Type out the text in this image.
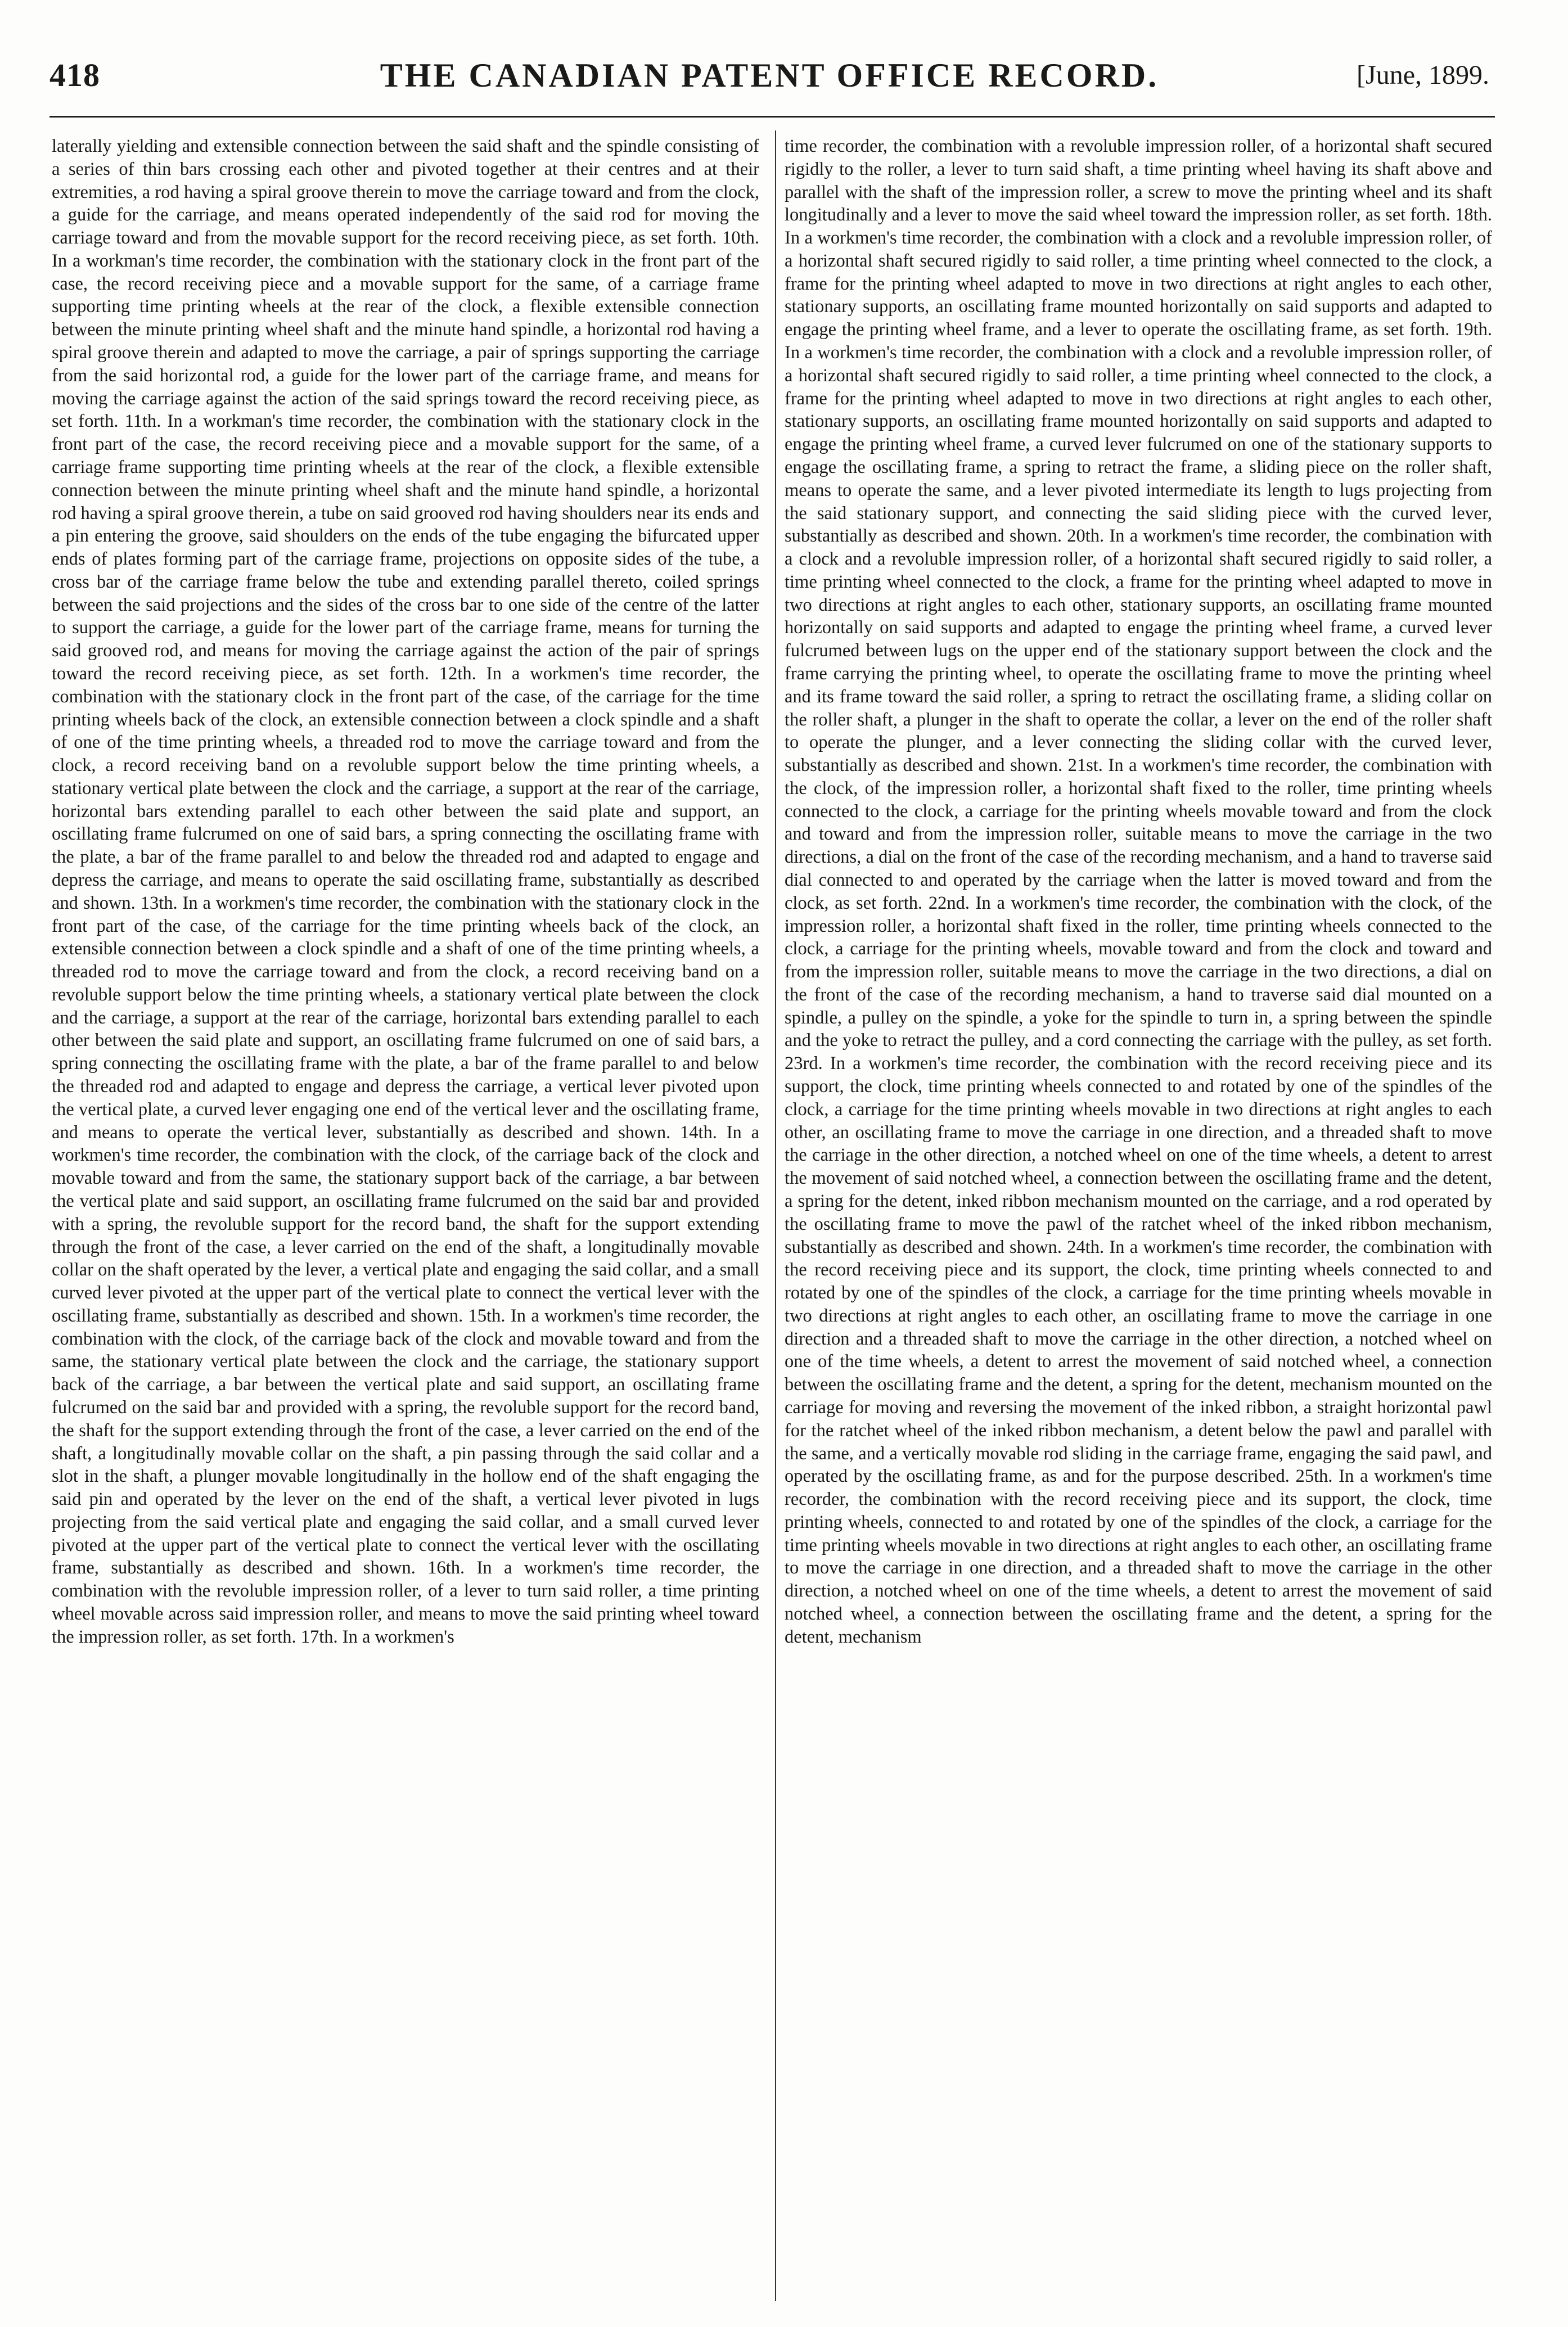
418	THE CANADIAN PATENT OFFICE RECORD.	[June, 1899.
laterally yielding and extensible connection between the said shaft and the spindle consisting of a series of thin bars crossing each other and pivoted together at their centres and at their extremities, a rod having a spiral groove therein to move the carriage toward and from the clock, a guide for the carriage, and means operated independently of the said rod for moving the carriage toward and from the movable support for the record receiving piece, as set forth. 10th. In a workman's time recorder, the combination with the stationary clock in the front part of the case, the record receiving piece and a movable support for the same, of a carriage frame supporting time printing wheels at the rear of the clock, a flexible extensible connection between the minute printing wheel shaft and the minute hand spindle, a horizontal rod having a spiral groove therein and adapted to move the carriage, a pair of springs supporting the carriage from the said horizontal rod, a guide for the lower part of the carriage frame, and means for moving the carriage against the action of the said springs toward the record receiving piece, as set forth. 11th. In a workman's time recorder, the combination with the stationary clock in the front part of the case, the record receiving piece and a movable support for the same, of a carriage frame supporting time printing wheels at the rear of the clock, a flexible extensible connection between the minute printing wheel shaft and the minute hand spindle, a horizontal rod having a spiral groove therein, a tube on said grooved rod having shoulders near its ends and a pin entering the groove, said shoulders on the ends of the tube engaging the bifurcated upper ends of plates forming part of the carriage frame, projections on opposite sides of the tube, a cross bar of the carriage frame below the tube and extending parallel thereto, coiled springs between the said projections and the sides of the cross bar to one side of the centre of the latter to support the carriage, a guide for the lower part of the carriage frame, means for turning the said grooved rod, and means for moving the carriage against the action of the pair of springs toward the record receiving piece, as set forth. 12th. In a workmen's time recorder, the combination with the stationary clock in the front part of the case, of the carriage for the time printing wheels back of the clock, an extensible connection between a clock spindle and a shaft of one of the time printing wheels, a threaded rod to move the carriage toward and from the clock, a record receiving band on a revoluble support below the time printing wheels, a stationary vertical plate between the clock and the carriage, a support at the rear of the carriage, horizontal bars extending parallel to each other between the said plate and support, an oscillating frame fulcrumed on one of said bars, a spring connecting the oscillating frame with the plate, a bar of the frame parallel to and below the threaded rod and adapted to engage and depress the carriage, and means to operate the said oscillating frame, substantially as described and shown. 13th. In a workmen's time recorder, the combination with the stationary clock in the front part of the case, of the carriage for the time printing wheels back of the clock, an extensible connection between a clock spindle and a shaft of one of the time printing wheels, a threaded rod to move the carriage toward and from the clock, a record receiving band on a revoluble support below the time printing wheels, a stationary vertical plate between the clock and the carriage, a support at the rear of the carriage, horizontal bars extending parallel to each other between the said plate and support, an oscillating frame fulcrumed on one of said bars, a spring connecting the oscillating frame with the plate, a bar of the frame parallel to and below the threaded rod and adapted to engage and depress the carriage, a vertical lever pivoted upon the vertical plate, a curved lever engaging one end of the vertical lever and the oscillating frame, and means to operate the vertical lever, substantially as described and shown. 14th. In a workmen's time recorder, the combination with the clock, of the carriage back of the clock and movable toward and from the same, the stationary support back of the carriage, a bar between the vertical plate and said support, an oscillating frame fulcrumed on the said bar and provided with a spring, the revoluble support for the record band, the shaft for the support extending through the front of the case, a lever carried on the end of the shaft, a longitudinally movable collar on the shaft operated by the lever, a vertical plate and engaging the said collar, and a small curved lever pivoted at the upper part of the vertical plate to connect the vertical lever with the oscillating frame, substantially as described and shown. 15th. In a workmen's time recorder, the combination with the clock, of the carriage back of the clock and movable toward and from the same, the stationary vertical plate between the clock and the carriage, the stationary support back of the carriage, a bar between the vertical plate and said support, an oscillating frame fulcrumed on the said bar and provided with a spring, the revoluble support for the record band, the shaft for the support extending through the front of the case, a lever carried on the end of the shaft, a longitudinally movable collar on the shaft, a pin passing through the said collar and a slot in the shaft, a plunger movable longitudinally in the hollow end of the shaft engaging the said pin and operated by the lever on the end of the shaft, a vertical lever pivoted in lugs projecting from the said vertical plate and engaging the said collar, and a small curved lever pivoted at the upper part of the vertical plate to connect the vertical lever with the oscillating frame, substantially as described and shown. 16th. In a workmen's time recorder, the combination with the revoluble impression roller, of a lever to turn said roller, a time printing wheel movable across said impression roller, and means to move the said printing wheel toward the impression roller, as set forth. 17th. In a workmen's
time recorder, the combination with a revoluble impression roller, of a horizontal shaft secured rigidly to the roller, a lever to turn said shaft, a time printing wheel having its shaft above and parallel with the shaft of the impression roller, a screw to move the printing wheel and its shaft longitudinally and a lever to move the said wheel toward the impression roller, as set forth. 18th. In a workmen's time recorder, the combination with a clock and a revoluble impression roller, of a horizontal shaft secured rigidly to said roller, a time printing wheel connected to the clock, a frame for the printing wheel adapted to move in two directions at right angles to each other, stationary supports, an oscillating frame mounted horizontally on said supports and adapted to engage the printing wheel frame, and a lever to operate the oscillating frame, as set forth. 19th. In a workmen's time recorder, the combination with a clock and a revoluble impression roller, of a horizontal shaft secured rigidly to said roller, a time printing wheel connected to the clock, a frame for the printing wheel adapted to move in two directions at right angles to each other, stationary supports, an oscillating frame mounted horizontally on said supports and adapted to engage the printing wheel frame, a curved lever fulcrumed on one of the stationary supports to engage the oscillating frame, a spring to retract the frame, a sliding piece on the roller shaft, means to operate the same, and a lever pivoted intermediate its length to lugs projecting from the said stationary support, and connecting the said sliding piece with the curved lever, substantially as described and shown. 20th. In a workmen's time recorder, the combination with a clock and a revoluble impression roller, of a horizontal shaft secured rigidly to said roller, a time printing wheel connected to the clock, a frame for the printing wheel adapted to move in two directions at right angles to each other, stationary supports, an oscillating frame mounted horizontally on said supports and adapted to engage the printing wheel frame, a curved lever fulcrumed between lugs on the upper end of the stationary support between the clock and the frame carrying the printing wheel, to operate the oscillating frame to move the printing wheel and its frame toward the said roller, a spring to retract the oscillating frame, a sliding collar on the roller shaft, a plunger in the shaft to operate the collar, a lever on the end of the roller shaft to operate the plunger, and a lever connecting the sliding collar with the curved lever, substantially as described and shown. 21st. In a workmen's time recorder, the combination with the clock, of the impression roller, a horizontal shaft fixed to the roller, time printing wheels connected to the clock, a carriage for the printing wheels movable toward and from the clock and toward and from the impression roller, suitable means to move the carriage in the two directions, a dial on the front of the case of the recording mechanism, and a hand to traverse said dial connected to and operated by the carriage when the latter is moved toward and from the clock, as set forth. 22nd. In a workmen's time recorder, the combination with the clock, of the impression roller, a horizontal shaft fixed in the roller, time printing wheels connected to the clock, a carriage for the printing wheels, movable toward and from the clock and toward and from the impression roller, suitable means to move the carriage in the two directions, a dial on the front of the case of the recording mechanism, a hand to traverse said dial mounted on a spindle, a pulley on the spindle, a yoke for the spindle to turn in, a spring between the spindle and the yoke to retract the pulley, and a cord connecting the carriage with the pulley, as set forth. 23rd. In a workmen's time recorder, the combination with the record receiving piece and its support, the clock, time printing wheels connected to and rotated by one of the spindles of the clock, a carriage for the time printing wheels movable in two directions at right angles to each other, an oscillating frame to move the carriage in one direction, and a threaded shaft to move the carriage in the other direction, a notched wheel on one of the time wheels, a detent to arrest the movement of said notched wheel, a connection between the oscillating frame and the detent, a spring for the detent, inked ribbon mechanism mounted on the carriage, and a rod operated by the oscillating frame to move the pawl of the ratchet wheel of the inked ribbon mechanism, substantially as described and shown. 24th. In a workmen's time recorder, the combination with the record receiving piece and its support, the clock, time printing wheels connected to and rotated by one of the spindles of the clock, a carriage for the time printing wheels movable in two directions at right angles to each other, an oscillating frame to move the carriage in one direction and a threaded shaft to move the carriage in the other direction, a notched wheel on one of the time wheels, a detent to arrest the movement of said notched wheel, a connection between the oscillating frame and the detent, a spring for the detent, mechanism mounted on the carriage for moving and reversing the movement of the inked ribbon, a straight horizontal pawl for the ratchet wheel of the inked ribbon mechanism, a detent below the pawl and parallel with the same, and a vertically movable rod sliding in the carriage frame, engaging the said pawl, and operated by the oscillating frame, as and for the purpose described. 25th. In a workmen's time recorder, the combination with the record receiving piece and its support, the clock, time printing wheels, connected to and rotated by one of the spindles of the clock, a carriage for the time printing wheels movable in two directions at right angles to each other, an oscillating frame to move the carriage in one direction, and a threaded shaft to move the carriage in the other direction, a notched wheel on one of the time wheels, a detent to arrest the movement of said notched wheel, a connection between the oscillating frame and the detent, a spring for the detent, mechanism
